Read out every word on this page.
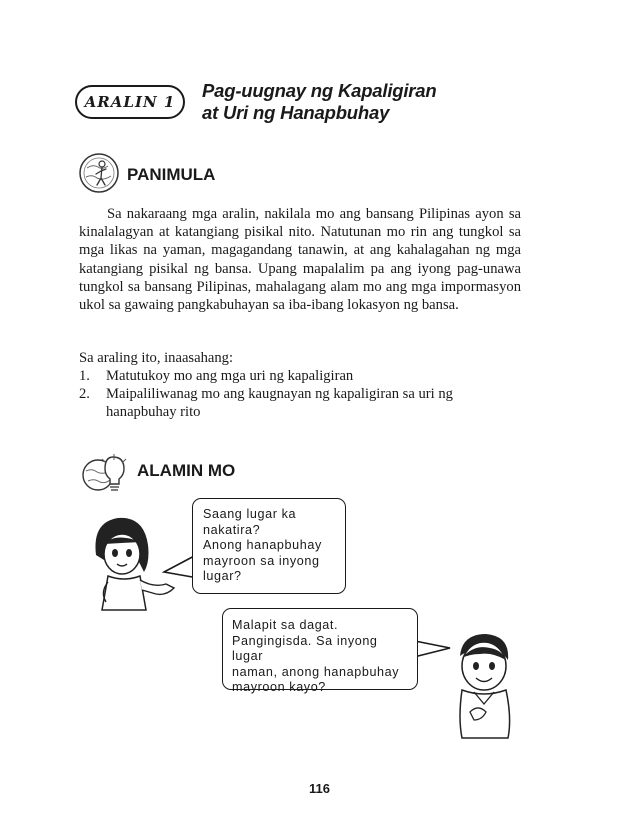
ARALIN 1
Pag-uugnay ng Kapaligiran
at Uri ng Hanapbuhay
PANIMULA
Sa nakaraang mga aralin, nakilala mo ang bansang Pilipinas ayon sa kinalalagyan at katangiang pisikal nito. Natutunan mo rin ang tungkol sa mga likas na yaman, magagandang tanawin, at ang kahalagahan ng mga katangiang pisikal ng bansa. Upang mapalalim pa ang iyong pag-unawa tungkol sa bansang Pilipinas, mahalagang alam mo ang mga impormasyon ukol sa gawaing pangkabuhayan sa iba-ibang lokasyon ng bansa.
Sa araling ito, inaasahang:
1. Matutukoy mo ang mga uri ng kapaligiran
2. Maipaliliwanag mo ang kaugnayan ng kapaligiran sa uri ng hanapbuhay rito
ALAMIN MO

Saang lugar ka

nakatira?

Anong hanapbuhay

mayroon sa inyong

lugar?

Malapit sa dagat.

Pangingisda. Sa inyong lugar

naman, anong hanapbuhay

mayroon kayo?

116
